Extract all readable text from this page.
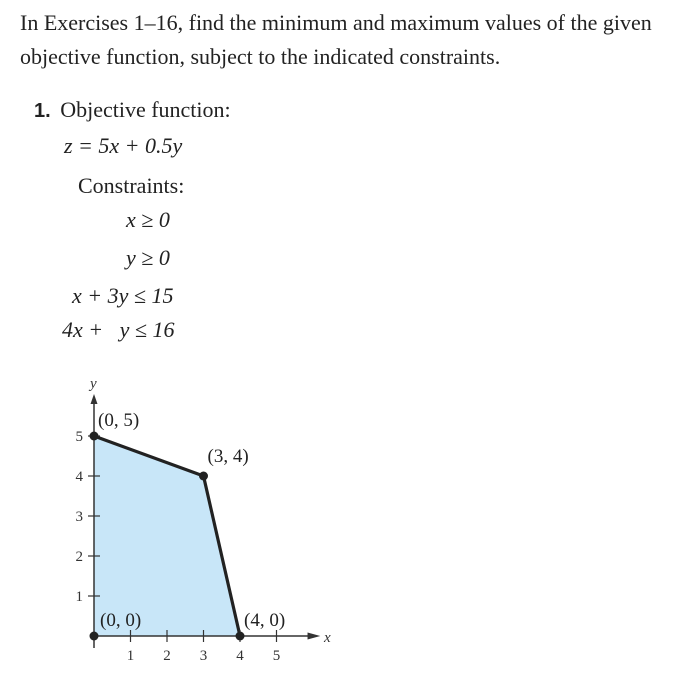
In Exercises 1–16, find the minimum and maximum values of the given objective function, subject to the indicated constraints.

1. Objective function:
z = 5x + 0.5y
Constraints:
x ≥ 0
y ≥ 0
x + 3y ≤ 15
4x +   y ≤ 16
y
x
1 2 3 4 5
1
2
3
4
5
(0, 5)
(3, 4)
(4, 0)
(0, 0)
